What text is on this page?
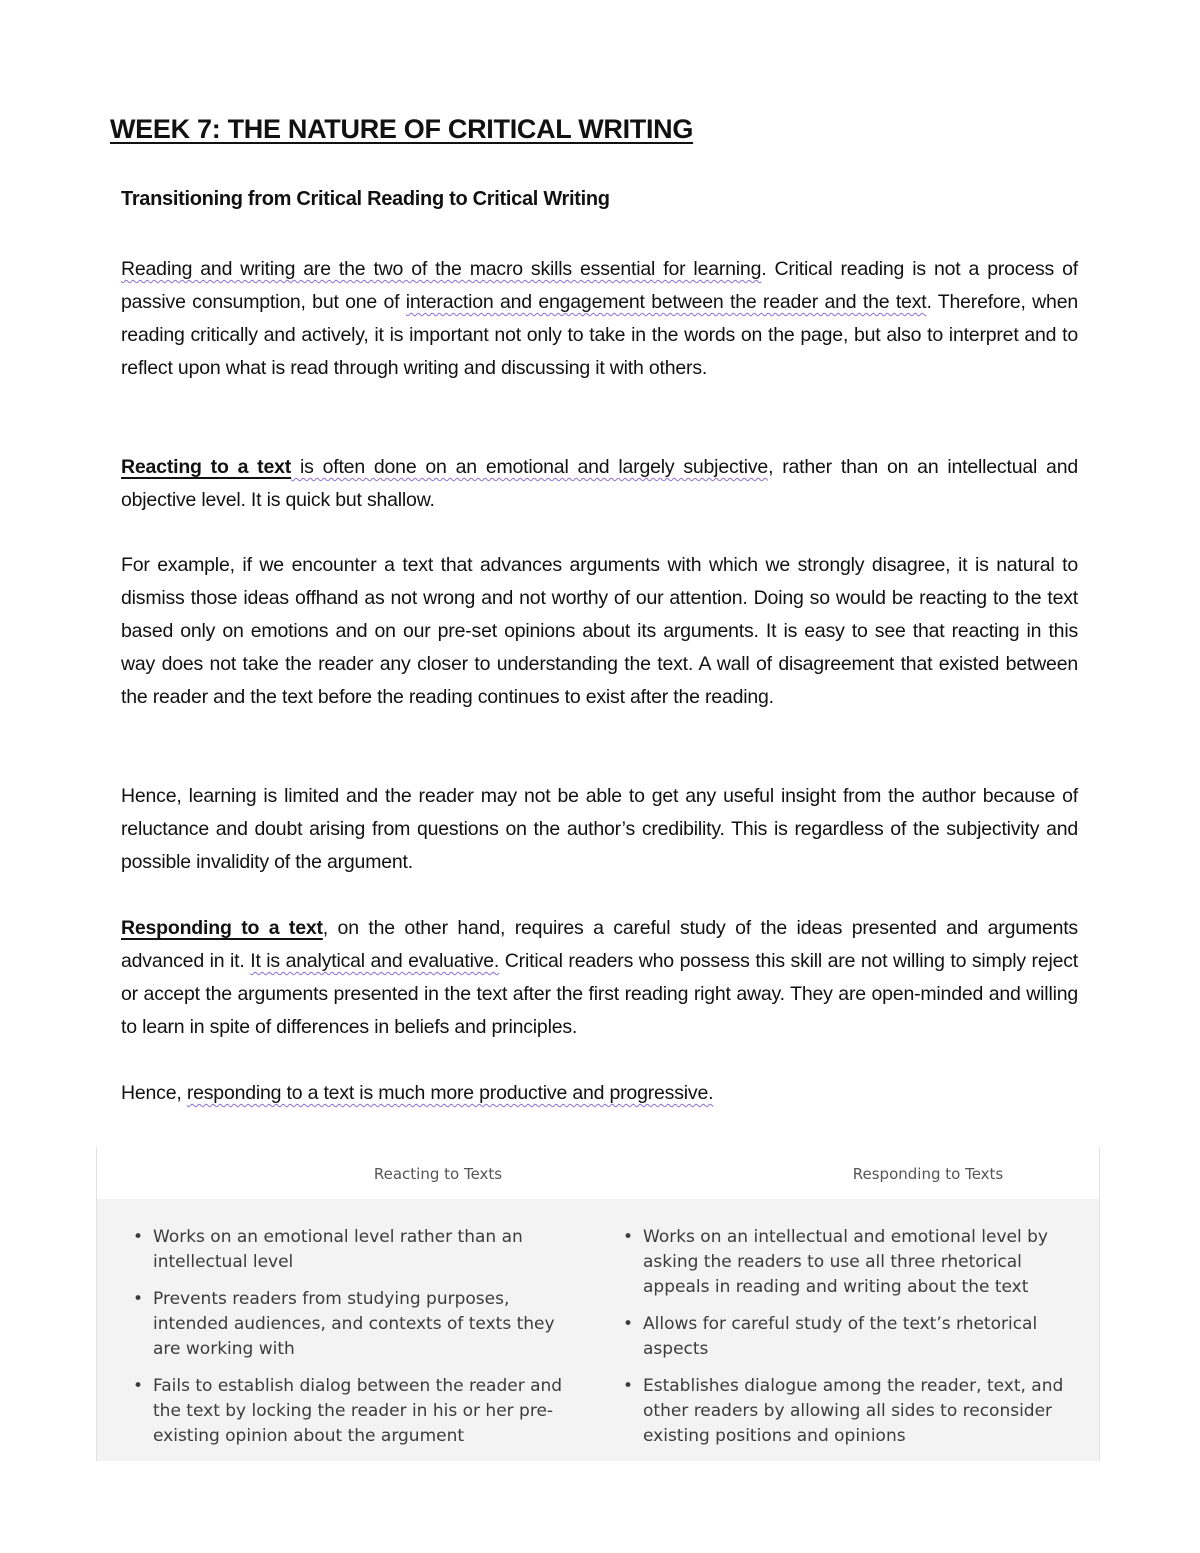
WEEK 7: THE NATURE OF CRITICAL WRITING
Transitioning from Critical Reading to Critical Writing

Reading and writing are the two of the macro skills essential for learning. Critical reading is not a process of passive consumption, but one of interaction and engagement between the reader and the text. Therefore, when reading critically and actively, it is important not only to take in the words on the page, but also to interpret and to reflect upon what is read through writing and discussing it with others.

Reacting to a text is often done on an emotional and largely subjective, rather than on an intellectual and objective level. It is quick but shallow.

For example, if we encounter a text that advances arguments with which we strongly disagree, it is natural to dismiss those ideas offhand as not wrong and not worthy of our attention. Doing so would be reacting to the text based only on emotions and on our pre-set opinions about its arguments. It is easy to see that reacting in this way does not take the reader any closer to understanding the text. A wall of disagreement that existed between the reader and the text before the reading continues to exist after the reading.

Hence, learning is limited and the reader may not be able to get any useful insight from the author because of reluctance and doubt arising from questions on the author’s credibility. This is regardless of the subjectivity and possible invalidity of the argument.

Responding to a text, on the other hand, requires a careful study of the ideas presented and arguments advanced in it. It is analytical and evaluative. Critical readers who possess this skill are not willing to simply reject or accept the arguments presented in the text after the first reading right away. They are open-minded and willing to learn in spite of differences in beliefs and principles.

Hence, responding to a text is much more productive and progressive.

Reacting to Texts	Responding to Texts
• Works on an emotional level rather than an intellectual level
• Prevents readers from studying purposes, intended audiences, and contexts of texts they are working with
• Fails to establish dialog between the reader and the text by locking the reader in his or her pre-existing opinion about the argument
• Works on an intellectual and emotional level by asking the readers to use all three rhetorical appeals in reading and writing about the text
• Allows for careful study of the text’s rhetorical aspects
• Establishes dialogue among the reader, text, and other readers by allowing all sides to reconsider existing positions and opinions
